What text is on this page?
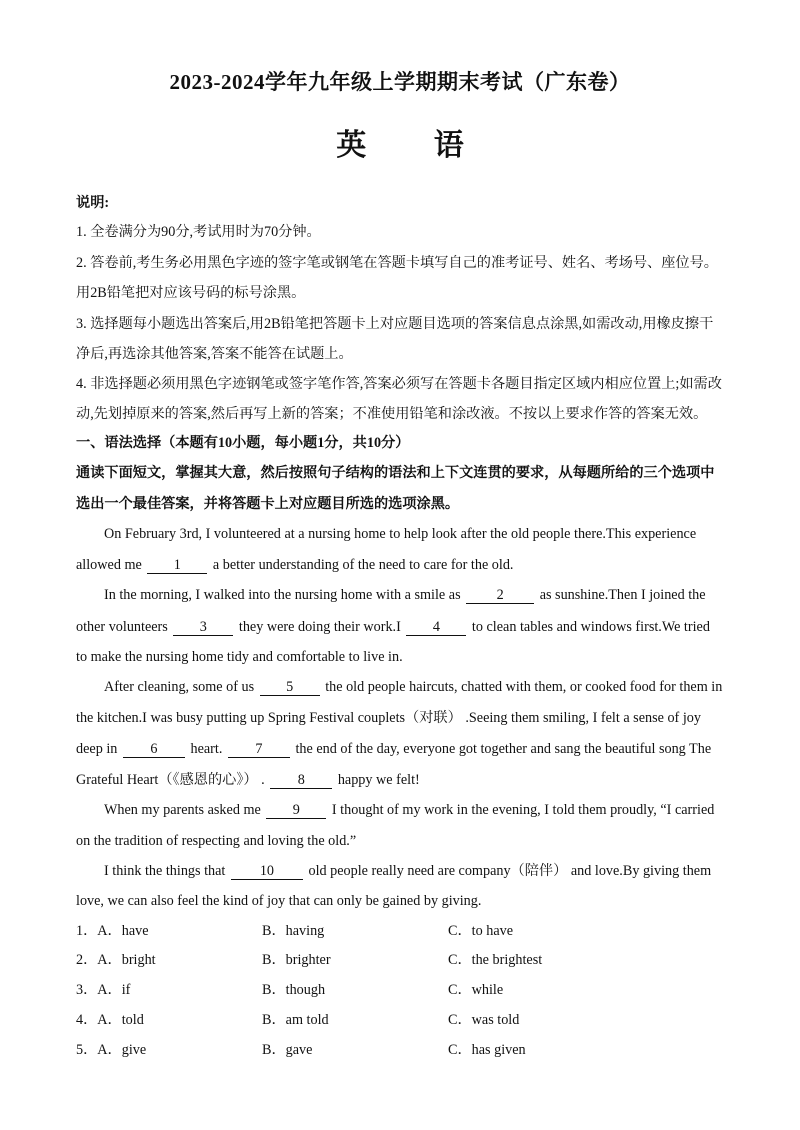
2023-2024学年九年级上学期期末考试（广东卷）
英 语
说明:
1. 全卷满分为90分,考试用时为70分钟。
2. 答卷前,考生务必用黑色字迹的签字笔或钢笔在答题卡填写自己的准考证号、姓名、考场号、座位号。
用2B铅笔把对应该号码的标号涂黑。
3. 选择题每小题选出答案后,用2B铅笔把答题卡上对应题目选项的答案信息点涂黑,如需改动,用橡皮擦干
净后,再选涂其他答案,答案不能答在试题上。
4. 非选择题必须用黑色字迹钢笔或签字笔作答,答案必须写在答题卡各题目指定区域内相应位置上;如需改
动,先划掉原来的答案,然后再写上新的答案；不准使用铅笔和涂改液。不按以上要求作答的答案无效。
一、语法选择（本题有10小题，每小题1分，共10分）
通读下面短文，掌握其大意，然后按照句子结构的语法和上下文连贯的要求，从每题所给的三个选项中
选出一个最佳答案，并将答题卡上对应题目所选的选项涂黑。
On February 3rd, I volunteered at a nursing home to help look after the old people there.This experience
allowed me 1 a better understanding of the need to care for the old.
In the morning, I walked into the nursing home with a smile as	2	as sunshine.Then I joined the
other volunteers 3 they were doing their work.I 4 to clean tables and windows first.We tried
to make the nursing home tidy and comfortable to live in.
After cleaning, some of us 5 the old people haircuts, chatted with them, or cooked food for them in
the kitchen.I was busy putting up Spring Festival couplets（对联） .Seeing them smiling, I felt a sense of joy
deep in 6 heart. 7 the end of the day, everyone got together and sang the beautiful song The
Grateful Heart（《感恩的心》） . 8 happy we felt!
When my parents asked me 9 I thought of my work in the evening, I told them proudly, “I carried
on the tradition of respecting and loving the old.”
I think the things that 10 old people really need are company（陪伴） and love.By giving them
love, we can also feel the kind of joy that can only be gained by giving.
1．A．have	B．having	C．to have
2．A．bright	B．brighter	C．the brightest
3．A．if	B．though	C．while
4．A．told	B．am told	C．was told
5．A．give	B．gave	C．has given
